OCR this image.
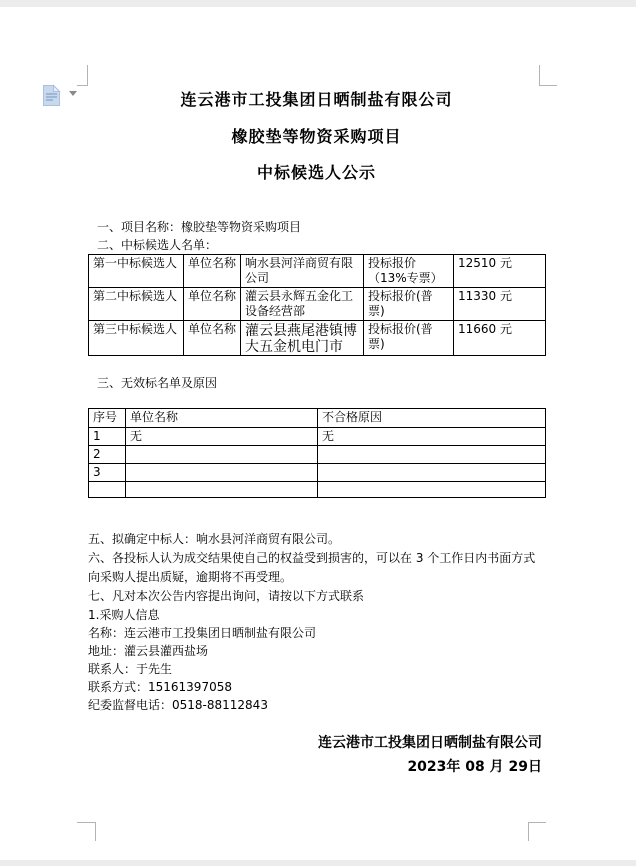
连云港市工投集团日晒制盐有限公司
橡胶垫等物资采购项目
中标候选人公示
一、项目名称：橡胶垫等物资采购项目
二、中标候选人名单：
第一中标候选人	单位名称	响水县河洋商贸有限公司	投标报价（13%专票）	12510 元
第二中标候选人	单位名称	灌云县永辉五金化工设备经营部	投标报价(普票)	11330 元
第三中标候选人	单位名称	灌云县燕尾港镇博大五金机电门市	投标报价(普票)	11660 元
三、无效标名单及原因
序号	单位名称	不合格原因
1	无	无
2		
3		

五、拟确定中标人：响水县河洋商贸有限公司。
六、各投标人认为成交结果使自己的权益受到损害的，可以在 3 个工作日内书面方式向采购人提出质疑，逾期将不再受理。
七、凡对本次公告内容提出询问，请按以下方式联系
1.采购人信息
名称：连云港市工投集团日晒制盐有限公司
地址：灌云县灌西盐场
联系人：于先生
联系方式：15161397058
纪委监督电话：0518-88112843
连云港市工投集团日晒制盐有限公司
2023年 08 月 29日
